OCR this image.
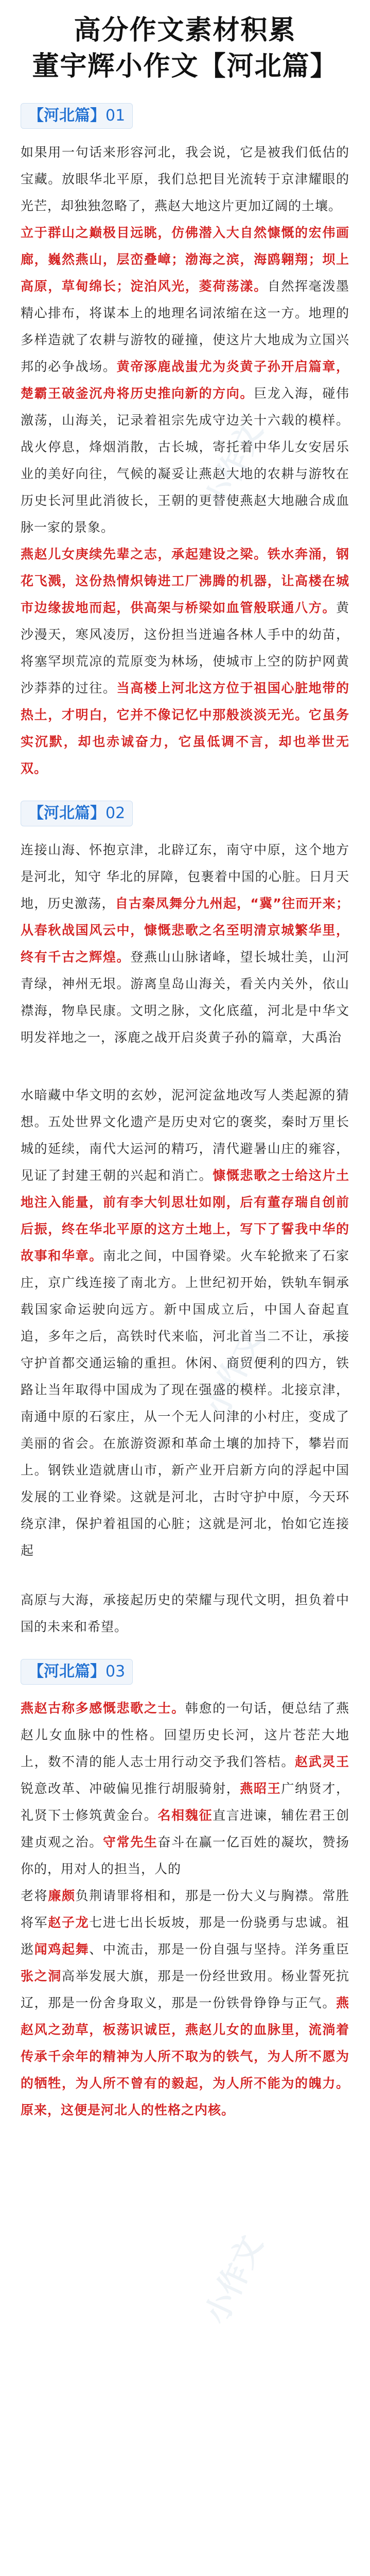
小作文
小作文
小作文
高分作文素材积累
董宇辉小作文【河北篇】
【河北篇】01

如果用一句话来形容河北，我会说，它是被我们低估的宝藏。放眼华北平原，我们总把目光流转于京津耀眼的光芒，却独独忽略了，燕赵大地这片更加辽阔的土壤。

立于群山之巅极目远眺，仿佛潜入大自然慷慨的宏伟画廊，巍然燕山，层峦叠嶂；渤海之滨，海鸥翱翔；坝上高原，草甸绵长；淀泊风光，菱荷荡漾。自然挥毫泼墨精心排布，将谋本上的地理名词浓缩在这一方。地理的多样造就了农耕与游牧的碰撞，使这片大地成为立国兴邦的必争战场。黄帝涿鹿战蚩尤为炎黄子孙开启篇章，楚霸王破釜沉舟将历史推向新的方向。巨龙入海，碰伟激荡，山海关，记录着祖宗先成守边关十六载的模样。战火停息，烽烟消散，古长城，寄托着中华儿女安居乐业的美好向往，气候的凝妥让燕赵大地的农耕与游牧在历史长河里此消彼长，王朝的更替使燕赵大地融合成血脉一家的景象。

燕赵儿女庚续先辈之志，承起建设之梁。铁水奔涌，钢花飞溅，这份热情炽铸进工厂沸腾的机器，让高楼在城市边缘拔地而起，供高架与桥梁如血管般联通八方。黄沙漫天，寒风凌厉，这份担当迸遍各林人手中的幼苗，将塞罕坝荒凉的荒原变为林场，使城市上空的防护网黄沙莽莽的过往。当高楼上河北这方位于祖国心脏地带的热土，才明白，它并不像记忆中那般淡淡无光。它虽务实沉默，却也赤诚奋力，它虽低调不言，却也举世无双。

【河北篇】02

连接山海、怀抱京津，北辟辽东，南守中原，这个地方是河北，知守 华北的屏障，包裹着中国的心脏。日月天地，历史激荡，自古秦凤舞分九州起，“冀”往而开来；从春秋战国风云中，慷慨悲歌之名至明清京城繁华里，终有千古之辉煌。登燕山山脉诸峰，望长城壮美，山河青绿，神州无垠。游离皇岛山海关，看关内关外，依山襟海，物阜民康。文明之脉，文化底蕴，河北是中华文明发祥地之一，涿鹿之战开启炎黄子孙的篇章，大禹治

水暗藏中华文明的玄妙，泥河淀盆地改写人类起源的猜想。五处世界文化遗产是历史对它的褒奖，秦时万里长城的延续，南代大运河的精巧，清代避暑山庄的雍容，见证了封建王朝的兴起和消亡。慷慨悲歌之士给这片土地注入能量，前有李大钊思壮如刚，后有董存瑞自创前后振，终在华北平原的这方土地上，写下了誓我中华的故事和华章。南北之间，中国脊梁。火车轮掀来了石家庄，京广线连接了南北方。上世纪初开始，铁轨车铜承载国家命运驶向远方。新中国成立后，中国人奋起直追，多年之后，高铁时代来临，河北首当二不让，承接守护首都交通运输的重担。休闲、商贸便利的四方，铁路让当年取得中国成为了现在强盛的模样。北接京津，南通中原的石家庄，从一个无人问津的小村庄，变成了美丽的省会。在旅游资源和革命土壤的加持下，攀岩而上。钢铁业造就唐山市，新产业开启新方向的浮起中国发展的工业脊梁。这就是河北，古时守护中原，今天环绕京津，保护着祖国的心脏；这就是河北，怡如它连接起

高原与大海，承接起历史的荣耀与现代文明，担负着中国的未来和希望。

【河北篇】03

燕赵古称多感慨悲歌之士。韩愈的一句话，便总结了燕赵儿女血脉中的性格。回望历史长河，这片苍茫大地上，数不清的能人志士用行动交予我们答桔。赵武灵王锐意改革、冲破偏见推行胡服骑射，燕昭王广纳贤才，礼贤下士修筑黄金台。名相魏征直言进谏，辅佐君王创建贞观之治。守常先生奋斗在赢一亿百姓的凝坎，赞扬你的，用对人的担当，人的

老将廉颇负荆请罪将相和，那是一份大义与胸襟。常胜将军赵子龙七进七出长坂坡，那是一份骁勇与忠诚。祖逖闻鸡起舞、中流击，那是一份自强与坚持。洋务重臣张之洞高举发展大旗，那是一份经世致用。杨业誓死抗辽，那是一份舍身取义，那是一份铁骨铮铮与正气。燕赵风之劲草，板荡识诚臣，燕赵儿女的血脉里，流淌着传承千余年的精神为人所不取为的铁气，为人所不愿为的牺牲，为人所不曾有的毅起，为人所不能为的魄力。原来，这便是河北人的性格之内核。
